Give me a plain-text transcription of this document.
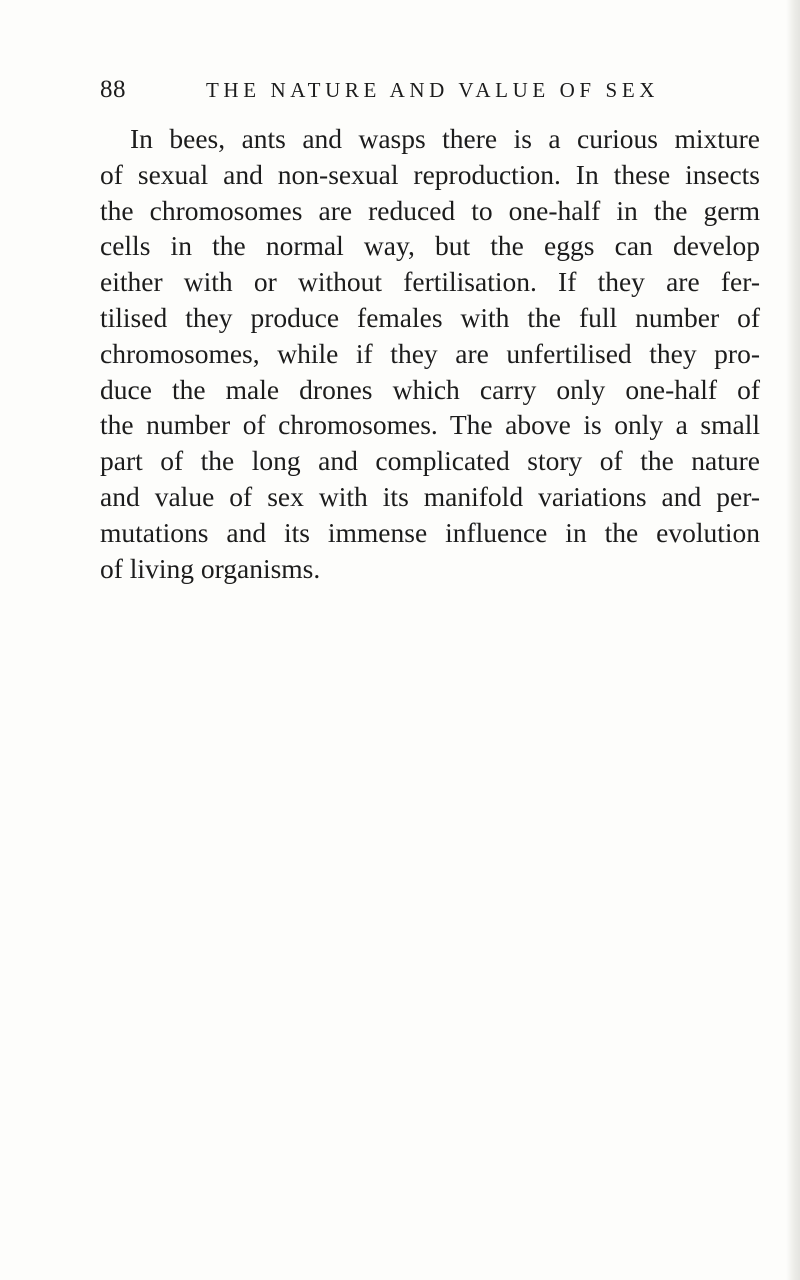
88	THE NATURE AND VALUE OF SEX
In bees, ants and wasps there is a curious mixture
of sexual and non-sexual reproduction. In these insects
the chromosomes are reduced to one-half in the germ
cells in the normal way, but the eggs can develop
either with or without fertilisation. If they are fer-
tilised they produce females with the full number of
chromosomes, while if they are unfertilised they pro-
duce the male drones which carry only one-half of
the number of chromosomes. The above is only a small
part of the long and complicated story of the nature
and value of sex with its manifold variations and per-
mutations and its immense influence in the evolution
of living organisms.
